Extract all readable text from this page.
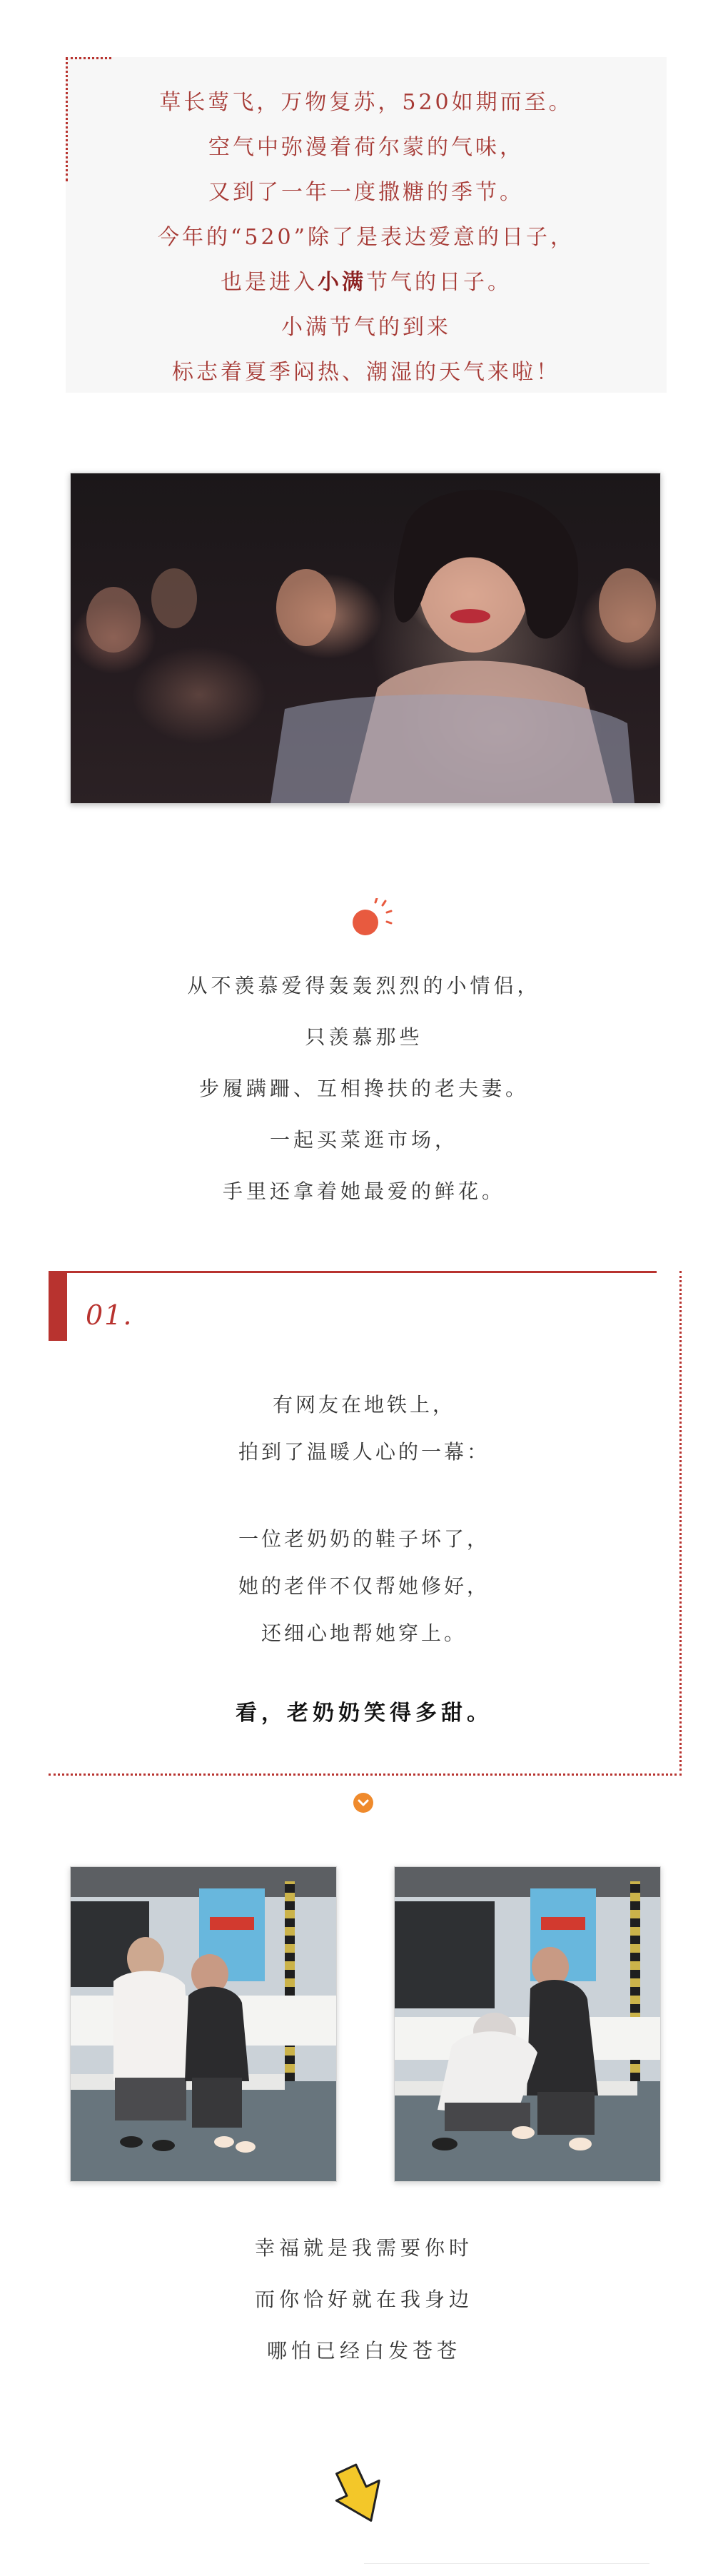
草长莺飞，万物复苏，520如期而至。
空气中弥漫着荷尔蒙的气味，
又到了一年一度撒糖的季节。
今年的“520”除了是表达爱意的日子，
也是进入小满节气的日子。
小满节气的到来
标志着夏季闷热、潮湿的天气来啦！
从不羡慕爱得轰轰烈烈的小情侣，
只羡慕那些
步履蹒跚、互相搀扶的老夫妻。
一起买菜逛市场，
手里还拿着她最爱的鲜花。
01.
有网友在地铁上，
拍到了温暖人心的一幕：
一位老奶奶的鞋子坏了，
她的老伴不仅帮她修好，
还细心地帮她穿上。
看，老奶奶笑得多甜。
幸福就是我需要你时
而你恰好就在我身边
哪怕已经白发苍苍
